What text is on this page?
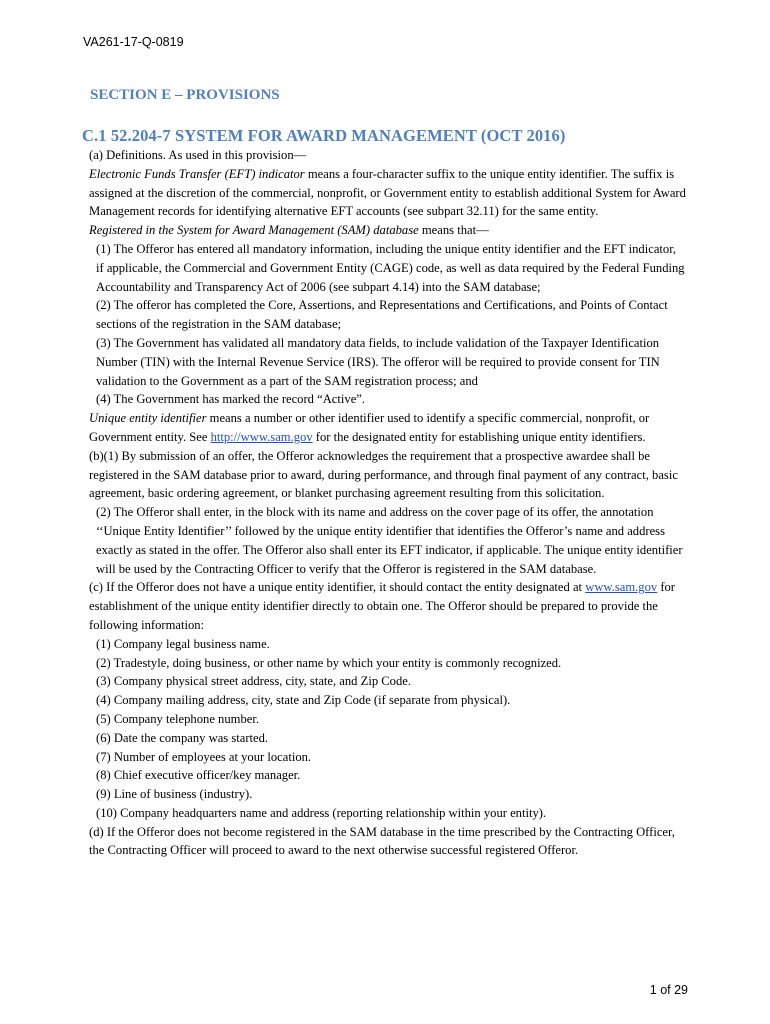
VA261-17-Q-0819
SECTION E – PROVISIONS
C.1 52.204-7 SYSTEM FOR AWARD MANAGEMENT (OCT 2016)

(a) Definitions. As used in this provision—

Electronic Funds Transfer (EFT) indicator means a four-character suffix to the unique entity identifier. The suffix is assigned at the discretion of the commercial, nonprofit, or Government entity to establish additional System for Award Management records for identifying alternative EFT accounts (see subpart 32.11) for the same entity.

Registered in the System for Award Management (SAM) database means that—

(1) The Offeror has entered all mandatory information, including the unique entity identifier and the EFT indicator, if applicable, the Commercial and Government Entity (CAGE) code, as well as data required by the Federal Funding Accountability and Transparency Act of 2006 (see subpart 4.14) into the SAM database;

(2) The offeror has completed the Core, Assertions, and Representations and Certifications, and Points of Contact sections of the registration in the SAM database;

(3) The Government has validated all mandatory data fields, to include validation of the Taxpayer Identification Number (TIN) with the Internal Revenue Service (IRS). The offeror will be required to provide consent for TIN validation to the Government as a part of the SAM registration process; and

(4) The Government has marked the record “Active”.

Unique entity identifier means a number or other identifier used to identify a specific commercial, nonprofit, or Government entity. See http://www.sam.gov for the designated entity for establishing unique entity identifiers.

(b)(1) By submission of an offer, the Offeror acknowledges the requirement that a prospective awardee shall be registered in the SAM database prior to award, during performance, and through final payment of any contract, basic agreement, basic ordering agreement, or blanket purchasing agreement resulting from this solicitation.

(2) The Offeror shall enter, in the block with its name and address on the cover page of its offer, the annotation ‘‘Unique Entity Identifier’’ followed by the unique entity identifier that identifies the Offeror’s name and address exactly as stated in the offer. The Offeror also shall enter its EFT indicator, if applicable. The unique entity identifier will be used by the Contracting Officer to verify that the Offeror is registered in the SAM database.

(c) If the Offeror does not have a unique entity identifier, it should contact the entity designated at www.sam.gov for establishment of the unique entity identifier directly to obtain one. The Offeror should be prepared to provide the following information:

(1) Company legal business name.

(2) Tradestyle, doing business, or other name by which your entity is commonly recognized.

(3) Company physical street address, city, state, and Zip Code.

(4) Company mailing address, city, state and Zip Code (if separate from physical).

(5) Company telephone number.

(6) Date the company was started.

(7) Number of employees at your location.

(8) Chief executive officer/key manager.

(9) Line of business (industry).

(10) Company headquarters name and address (reporting relationship within your entity).

(d) If the Offeror does not become registered in the SAM database in the time prescribed by the Contracting Officer, the Contracting Officer will proceed to award to the next otherwise successful registered Offeror.

1 of 29
